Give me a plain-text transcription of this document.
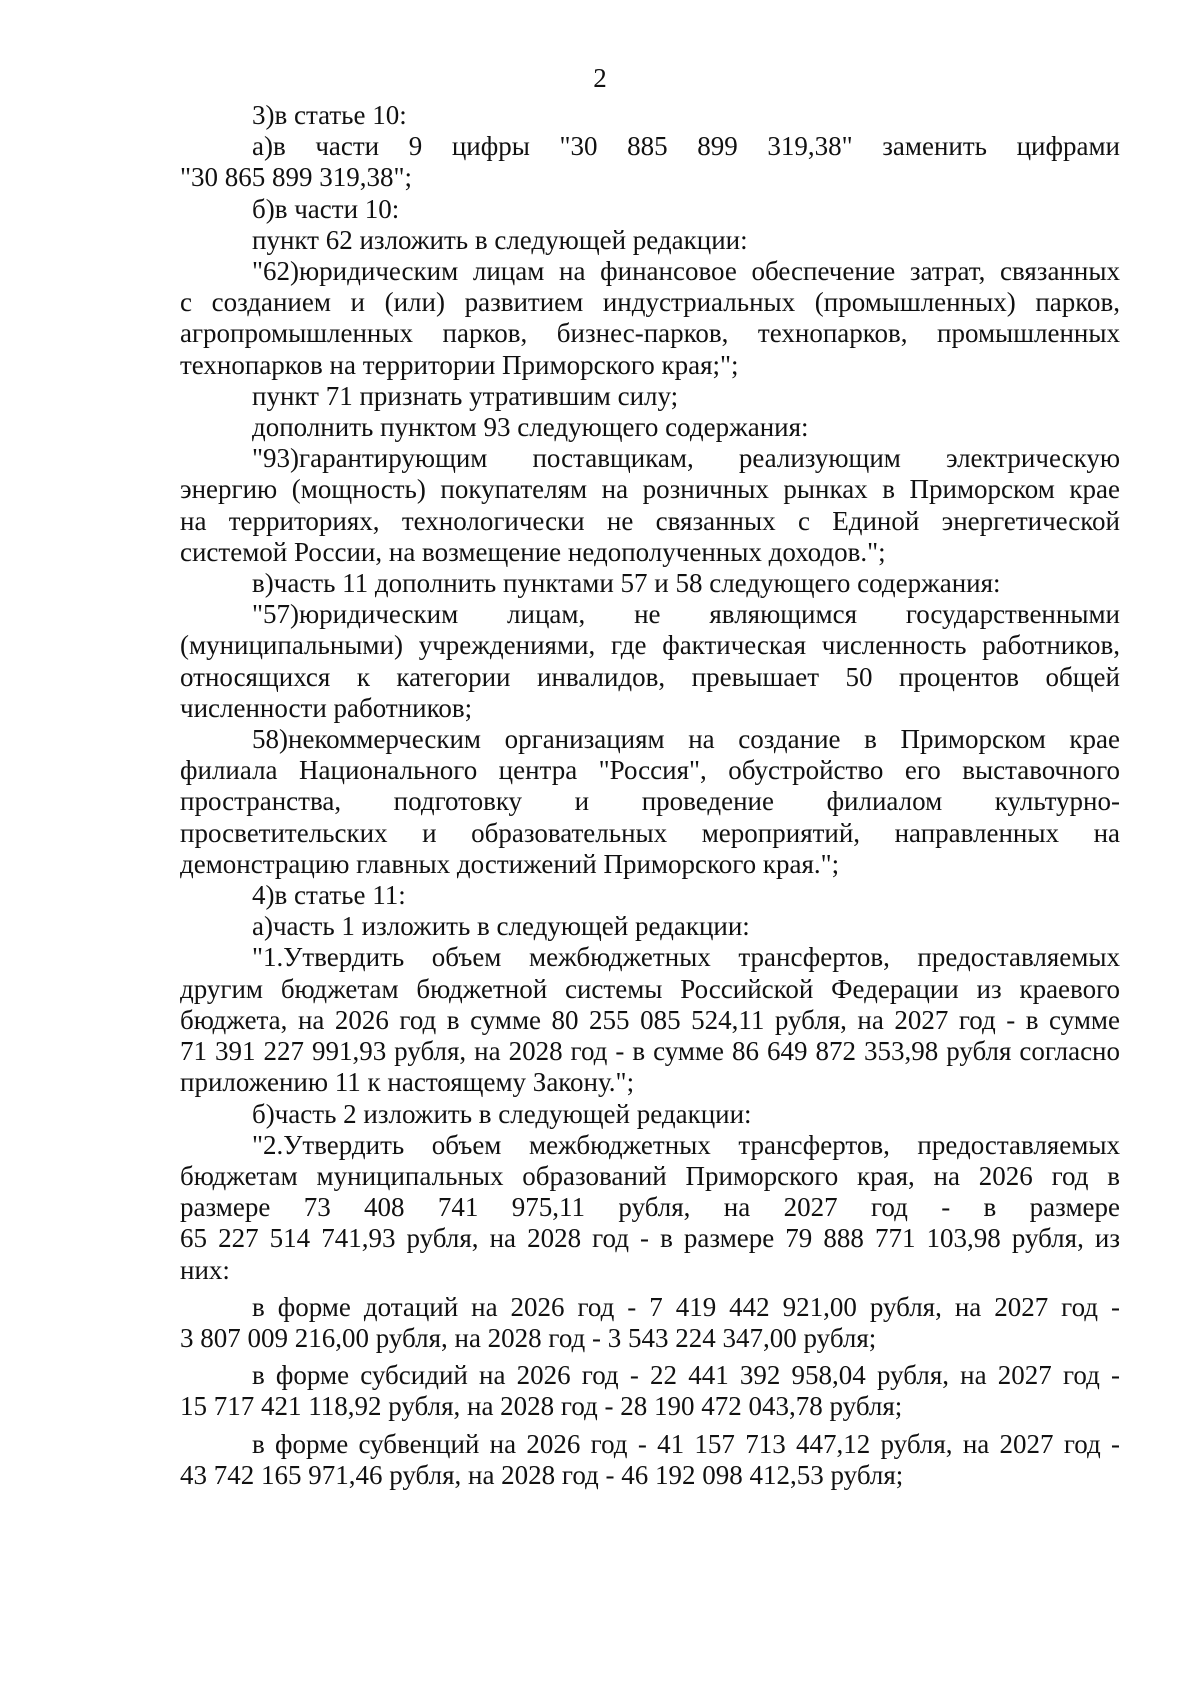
2
3)в статье 10:
а)в части 9 цифры "30 885 899 319,38" заменить цифрами
"30 865 899 319,38";
б)в части 10:
пункт 62 изложить в следующей редакции:
"62)юридическим лицам на финансовое обеспечение затрат, связанных
с созданием и (или) развитием индустриальных (промышленных) парков,
агропромышленных парков, бизнес-парков, технопарков, промышленных
технопарков на территории Приморского края;";
пункт 71 признать утратившим силу;
дополнить пунктом 93 следующего содержания:
"93)гарантирующим поставщикам, реализующим электрическую
энергию (мощность) покупателям на розничных рынках в Приморском крае
на территориях, технологически не связанных с Единой энергетической
системой России, на возмещение недополученных доходов.";
в)часть 11 дополнить пунктами 57 и 58 следующего содержания:
"57)юридическим лицам, не являющимся государственными
(муниципальными) учреждениями, где фактическая численность работников,
относящихся к категории инвалидов, превышает 50 процентов общей
численности работников;
58)некоммерческим организациям на создание в Приморском крае
филиала Национального центра "Россия", обустройство его выставочного
пространства, подготовку и проведение филиалом культурно-
просветительских и образовательных мероприятий, направленных на
демонстрацию главных достижений Приморского края.";
4)в статье 11:
а)часть 1 изложить в следующей редакции:
"1.Утвердить объем межбюджетных трансфертов, предоставляемых
другим бюджетам бюджетной системы Российской Федерации из краевого
бюджета, на 2026 год в сумме 80 255 085 524,11 рубля, на 2027 год - в сумме
71 391 227 991,93 рубля, на 2028 год - в сумме 86 649 872 353,98 рубля согласно
приложению 11 к настоящему Закону.";
б)часть 2 изложить в следующей редакции:
"2.Утвердить объем межбюджетных трансфертов, предоставляемых
бюджетам муниципальных образований Приморского края, на 2026 год в
размере 73 408 741 975,11 рубля, на 2027 год - в размере
65 227 514 741,93 рубля, на 2028 год - в размере 79 888 771 103,98 рубля, из
них:
в форме дотаций на 2026 год - 7 419 442 921,00 рубля, на 2027 год -
3 807 009 216,00 рубля, на 2028 год - 3 543 224 347,00 рубля;
в форме субсидий на 2026 год - 22 441 392 958,04 рубля, на 2027 год -
15 717 421 118,92 рубля, на 2028 год - 28 190 472 043,78 рубля;
в форме субвенций на 2026 год - 41 157 713 447,12 рубля, на 2027 год -
43 742 165 971,46 рубля, на 2028 год - 46 192 098 412,53 рубля;
